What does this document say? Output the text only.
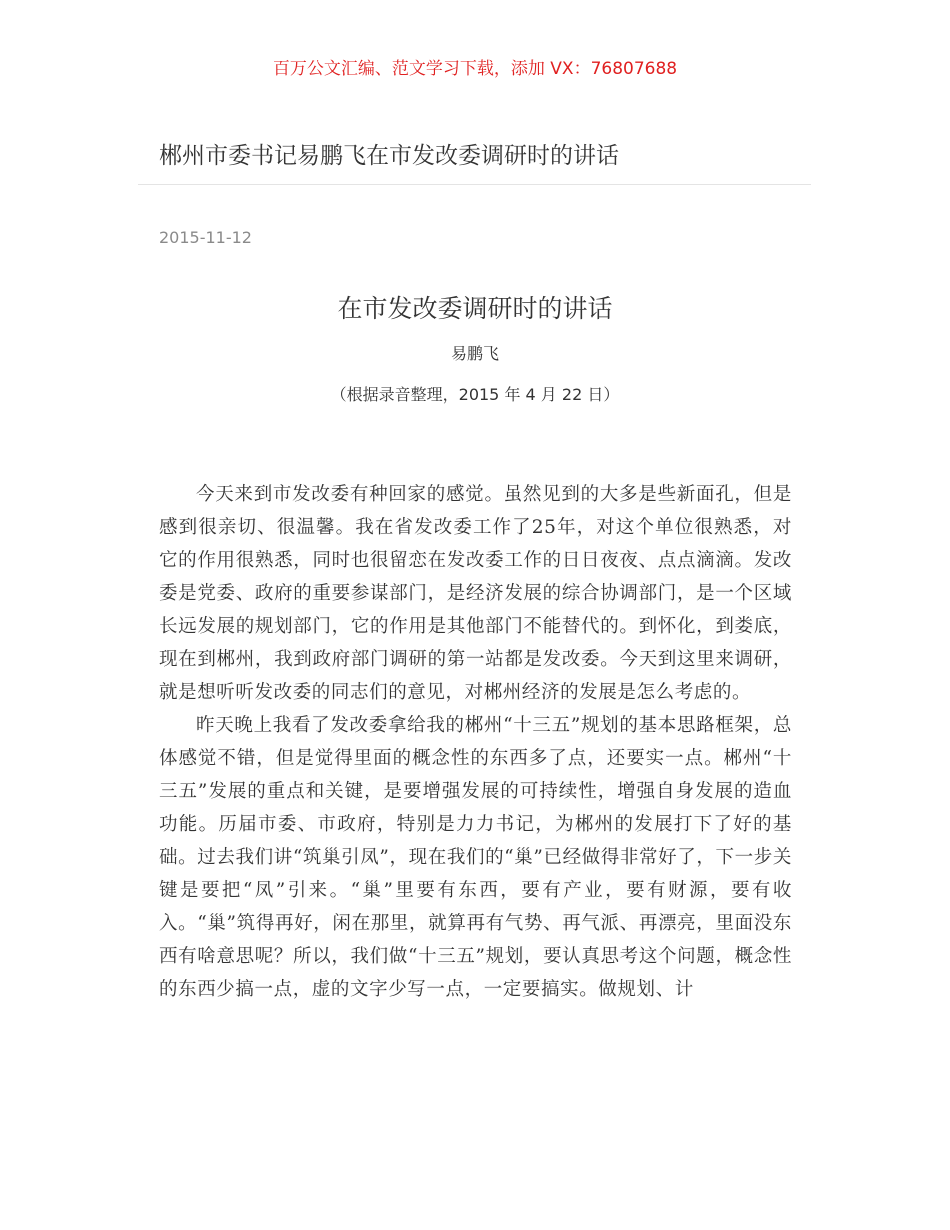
百万公文汇编、范文学习下载，添加 VX：76807688
郴州市委书记易鹏飞在市发改委调研时的讲话
2015-11-12
在市发改委调研时的讲话
易鹏飞
（根据录音整理，2015 年 4 月 22 日）

今天来到市发改委有种回家的感觉。虽然见到的大多是些新面孔，但是感到很亲切、很温馨。我在省发改委工作了25年，对这个单位很熟悉，对它的作用很熟悉，同时也很留恋在发改委工作的日日夜夜、点点滴滴。发改委是党委、政府的重要参谋部门，是经济发展的综合协调部门，是一个区域长远发展的规划部门，它的作用是其他部门不能替代的。到怀化，到娄底，现在到郴州，我到政府部门调研的第一站都是发改委。今天到这里来调研，就是想听听发改委的同志们的意见，对郴州经济的发展是怎么考虑的。

昨天晚上我看了发改委拿给我的郴州“十三五”规划的基本思路框架，总体感觉不错，但是觉得里面的概念性的东西多了点，还要实一点。郴州“十三五”发展的重点和关键，是要增强发展的可持续性，增强自身发展的造血功能。历届市委、市政府，特别是力力书记，为郴州的发展打下了好的基础。过去我们讲“筑巢引凤”，现在我们的“巢”已经做得非常好了，下一步关键是要把“凤”引来。“巢”里要有东西，要有产业，要有财源，要有收入。“巢”筑得再好，闲在那里，就算再有气势、再气派、再漂亮，里面没东西有啥意思呢？所以，我们做“十三五”规划，要认真思考这个问题，概念性的东西少搞一点，虚的文字少写一点，一定要搞实。做规划、计
